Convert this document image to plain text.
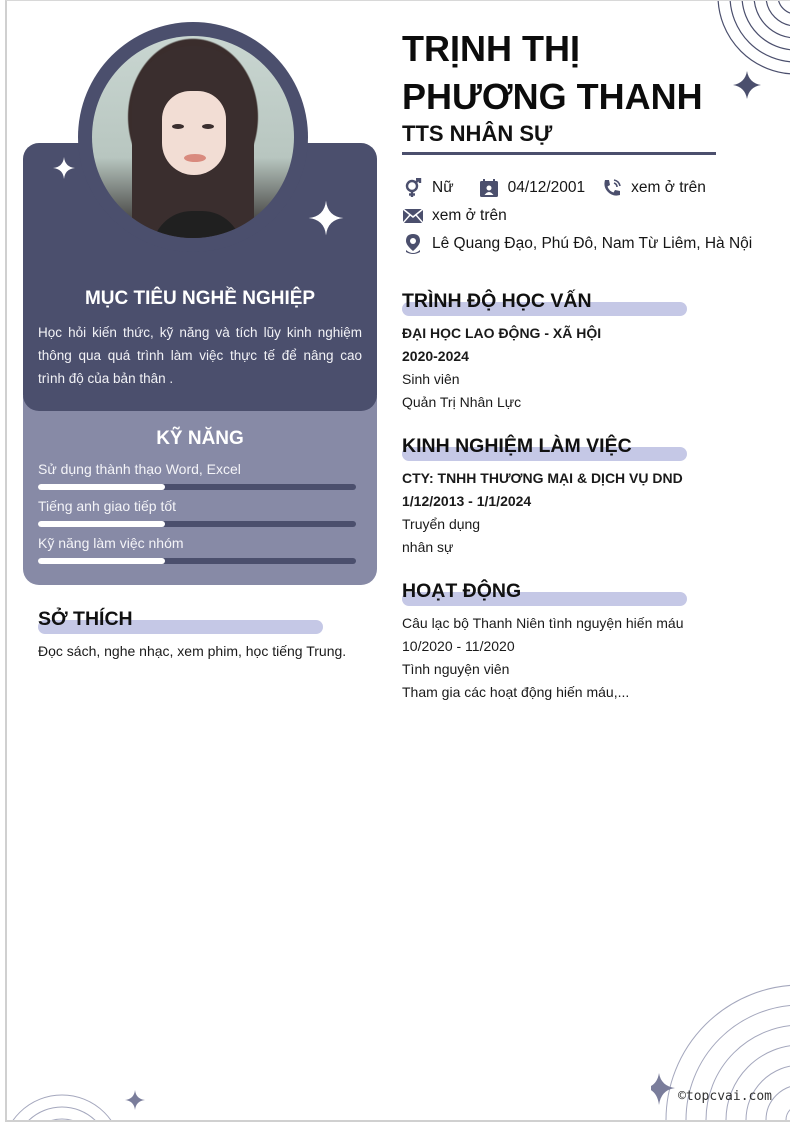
MỤC TIÊU NGHỀ NGHIỆP
Học hỏi kiến thức, kỹ năng và tích lũy kinh nghiệm thông qua quá trình làm việc thực tế để nâng cao trình độ của bản thân .
KỸ NĂNG
Sử dụng thành thạo Word, Excel
Tiếng anh giao tiếp tốt
Kỹ năng làm việc nhóm
SỞ THÍCH
Đọc sách, nghe nhạc, xem phim, học tiếng Trung.
TRỊNH THỊ
PHƯƠNG THANH
TTS NHÂN SỰ
Nữ	04/12/2001	xem ở trên
xem ở trên
Lê Quang Đạo, Phú Đô, Nam Từ Liêm, Hà Nội
TRÌNH ĐỘ HỌC VẤN
ĐẠI HỌC LAO ĐỘNG - XÃ HỘI
2020-2024
Sinh viên
Quản Trị Nhân Lực
KINH NGHIỆM LÀM VIỆC
CTY: TNHH THƯƠNG MẠI & DỊCH VỤ DND
1/12/2013 - 1/1/2024
Truyển dụng
nhân sự
HOẠT ĐỘNG
Câu lạc bộ Thanh Niên tình nguyện hiến máu
10/2020 - 11/2020
Tình nguyện viên
Tham gia các hoạt động hiến máu,...
©topcvai.com
